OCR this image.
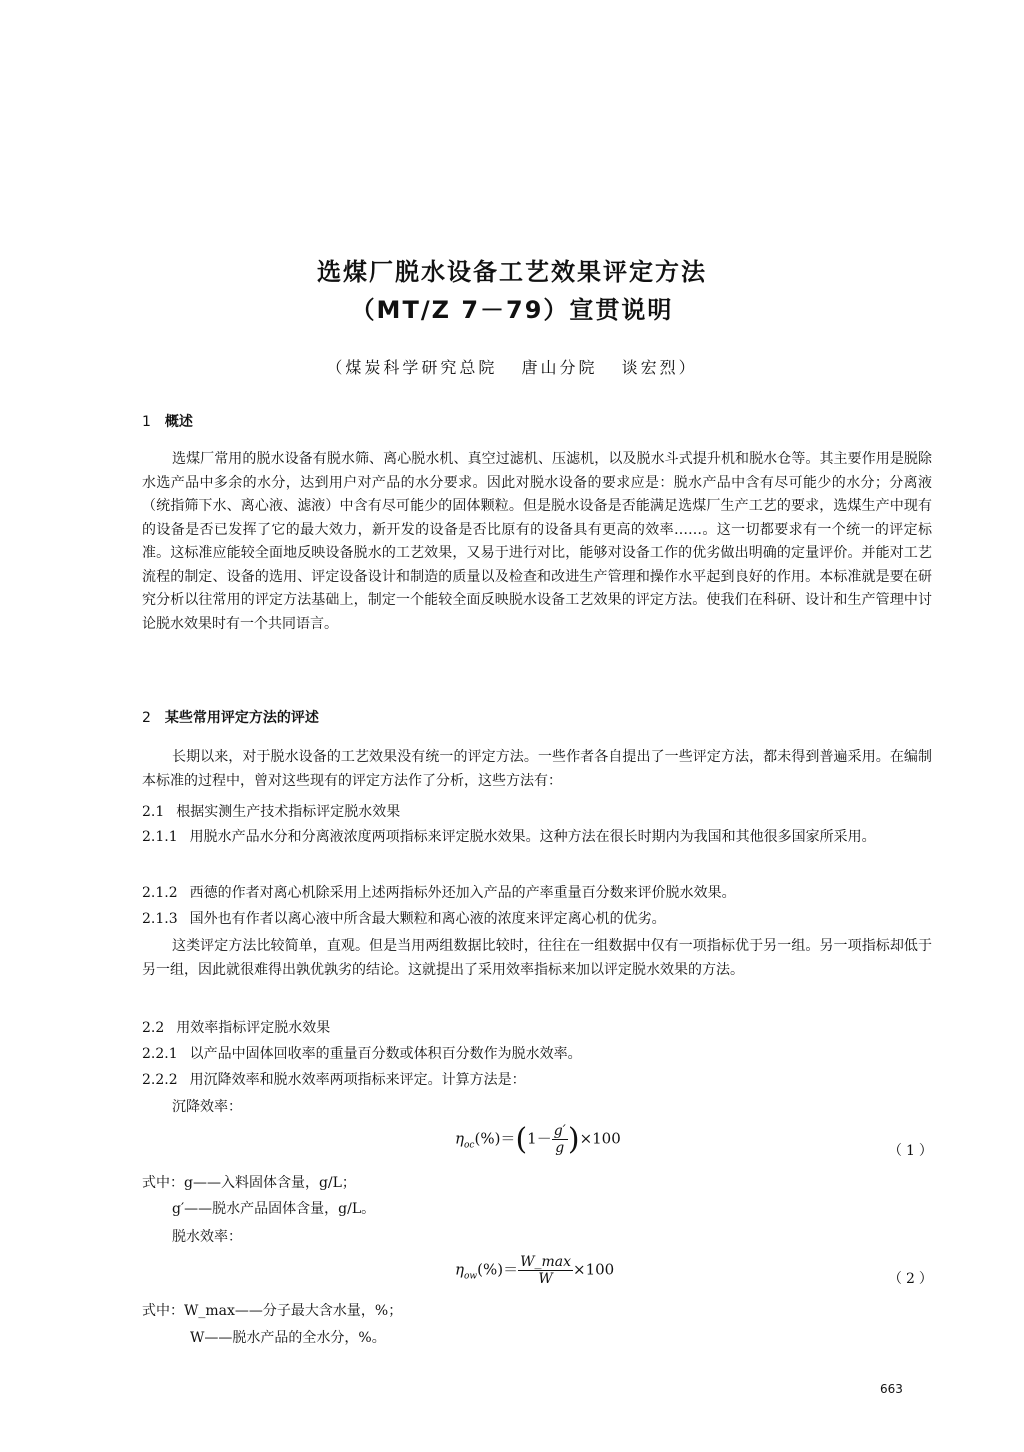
选煤厂脱水设备工艺效果评定方法
（MT/Z 7－79）宣贯说明
（煤炭科学研究总院 唐山分院 谈宏烈）
1 概述
选煤厂常用的脱水设备有脱水筛、离心脱水机、真空过滤机、压滤机，以及脱水斗式提升机和脱水仓等。其主要作用是脱除水选产品中多余的水分，达到用户对产品的水分要求。因此对脱水设备的要求应是：脱水产品中含有尽可能少的水分；分离液（统指筛下水、离心液、滤液）中含有尽可能少的固体颗粒。但是脱水设备是否能满足选煤厂生产工艺的要求，选煤生产中现有的设备是否已发挥了它的最大效力，新开发的设备是否比原有的设备具有更高的效率……。这一切都要求有一个统一的评定标准。这标准应能较全面地反映设备脱水的工艺效果，又易于进行对比，能够对设备工作的优劣做出明确的定量评价。并能对工艺流程的制定、设备的选用、评定设备设计和制造的质量以及检查和改进生产管理和操作水平起到良好的作用。本标准就是要在研究分析以往常用的评定方法基础上，制定一个能较全面反映脱水设备工艺效果的评定方法。使我们在科研、设计和生产管理中讨论脱水效果时有一个共同语言。
2 某些常用评定方法的评述
长期以来，对于脱水设备的工艺效果没有统一的评定方法。一些作者各自提出了一些评定方法，都未得到普遍采用。在编制本标准的过程中，曾对这些现有的评定方法作了分析，这些方法有：
2.1 根据实测生产技术指标评定脱水效果
2.1.1 用脱水产品水分和分离液浓度两项指标来评定脱水效果。这种方法在很长时期内为我国和其他很多国家所采用。
2.1.2 西德的作者对离心机除采用上述两指标外还加入产品的产率重量百分数来评价脱水效果。
2.1.3 国外也有作者以离心液中所含最大颗粒和离心液的浓度来评定离心机的优劣。
这类评定方法比较简单，直观。但是当用两组数据比较时，往往在一组数据中仅有一项指标优于另一组。另一项指标却低于另一组，因此就很难得出孰优孰劣的结论。这就提出了采用效率指标来加以评定脱水效果的方法。
2.2 用效率指标评定脱水效果
2.2.1 以产品中固体回收率的重量百分数或体积百分数作为脱水效率。
2.2.2 用沉降效率和脱水效率两项指标来评定。计算方法是：
沉降效率：
$\eta_{oc}(\%)=(1- \frac{g'}{g} )\times 100$
（1）
式中：g——入料固体含量，g/L；
g′——脱水产品固体含量，g/L。
脱水效率：
$\eta_{ow}(\%)= \frac{W\_\max}{W} \times 100$
（2）
式中：W_max——分子最大含水量，%；
W——脱水产品的全水分，%。
663
